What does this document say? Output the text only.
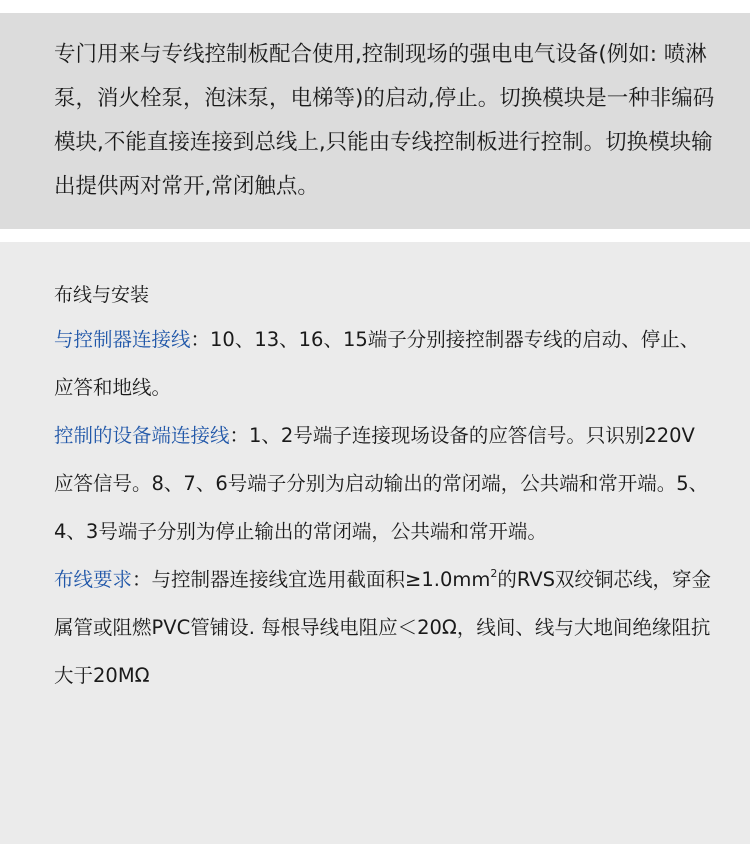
专门用来与专线控制板配合使用,控制现场的强电电气设备(例如: 喷淋泵，消火栓泵，泡沫泵，电梯等)的启动,停止。切换模块是一种非编码模块,不能直接连接到总线上,只能由专线控制板进行控制。切换模块输出提供两对常开,常闭触点。

布线与安装

与控制器连接线：10、13、16、15端子分别接控制器专线的启动、停止、应答和地线。

控制的设备端连接线：1、2号端子连接现场设备的应答信号。只识别220V应答信号。8、7、6号端子分别为启动输出的常闭端，公共端和常开端。5、4、3号端子分别为停止输出的常闭端，公共端和常开端。

布线要求：与控制器连接线宜选用截面积$\ge 1.0mm^2$的RVS双绞铜芯线，穿金属管或阻燃PVC管铺设. 每根导线电阻应＜20Ω，线间、线与大地间绝缘阻抗大于20MΩ
